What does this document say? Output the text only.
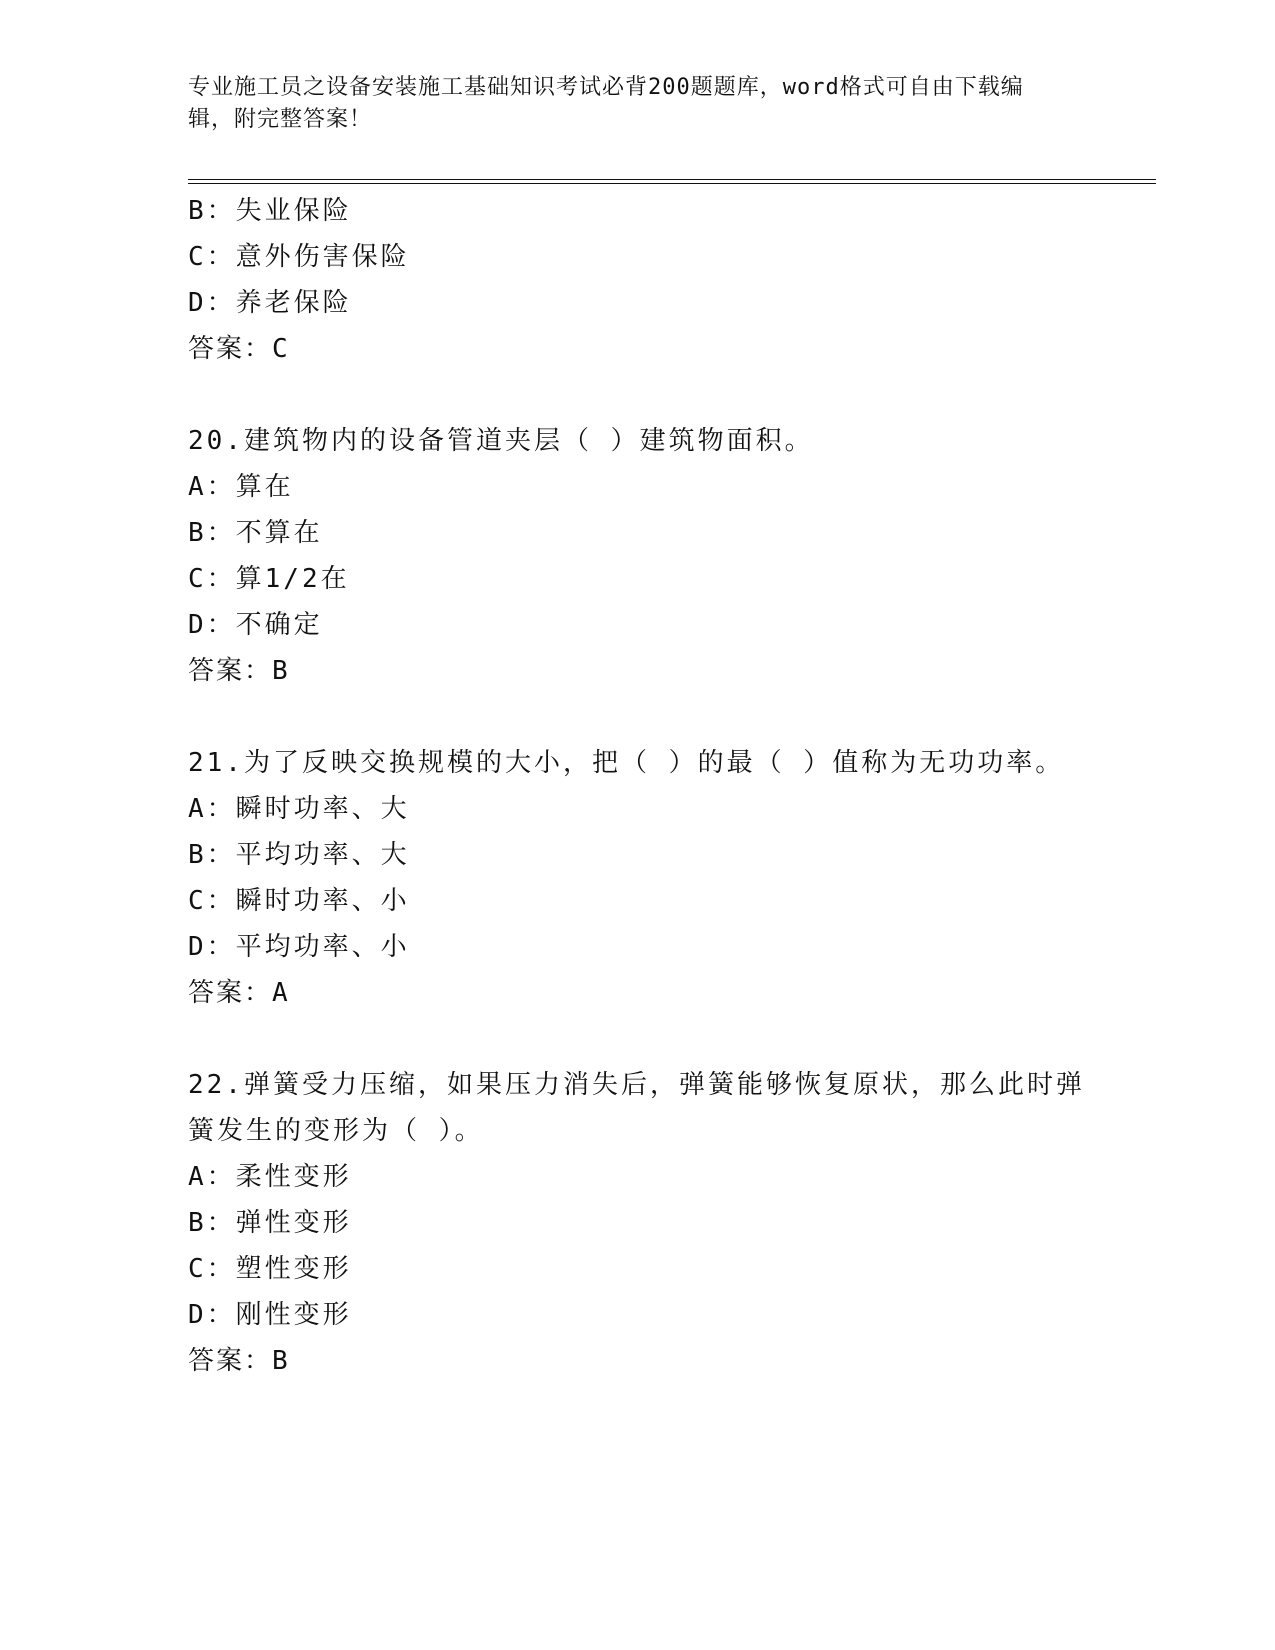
专业施工员之设备安装施工基础知识考试必背200题题库，word格式可自由下载编辑，附完整答案！
B：失业保险
C：意外伤害保险
D：养老保险
答案：C
20.建筑物内的设备管道夹层（ ）建筑物面积。
A：算在
B：不算在
C：算1/2在
D：不确定
答案：B
21.为了反映交换规模的大小，把（ ）的最（ ）值称为无功功率。
A：瞬时功率、大
B：平均功率、大
C：瞬时功率、小
D：平均功率、小
答案：A
22.弹簧受力压缩，如果压力消失后，弹簧能够恢复原状，那么此时弹
簧发生的变形为（ ）。
A：柔性变形
B：弹性变形
C：塑性变形
D：刚性变形
答案：B
